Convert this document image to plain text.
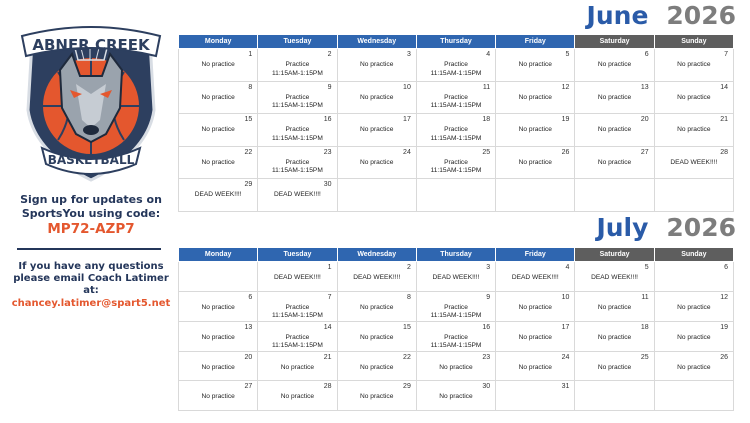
ABNER CREEK
BASKETBALL
Sign up for updates on SportsYou using code:
MP72-AZP7
If you have any questions please email Coach Latimer at:
chancey.latimer@spart5.net
June 2026
Monday	Tuesday	Wednesday	Thursday	Friday	Saturday	Sunday

1
No practice	2
Practice
11:15AM-1:15PM	3
No practice	4
Practice
11:15AM-1:15PM	5
No practice	6
No practice	7
No practice

8
No practice	9
Practice
11:15AM-1:15PM	10
No practice	11
Practice
11:15AM-1:15PM	12
No practice	13
No practice	14
No practice

15
No practice	16
Practice
11:15AM-1:15PM	17
No practice	18
Practice
11:15AM-1:15PM	19
No practice	20
No practice	21
No practice

22
No practice	23
Practice
11:15AM-1:15PM	24
No practice	25
Practice
11:15AM-1:15PM	26
No practice	27
No practice	28
DEAD WEEK!!!!

29
DEAD WEEK!!!!	30
DEAD WEEK!!!!					

July 2026
Monday	Tuesday	Wednesday	Thursday	Friday	Saturday	Sunday

	1
DEAD WEEK!!!!	2
DEAD WEEK!!!!	3
DEAD WEEK!!!!	4
DEAD WEEK!!!!	5
DEAD WEEK!!!!	6

6
No practice	7
Practice
11:15AM-1:15PM	8
No practice	9
Practice
11:15AM-1:15PM	10
No practice	11
No practice	12
No practice

13
No practice	14
Practice
11:15AM-1:15PM	15
No practice	16
Practice
11:15AM-1:15PM	17
No practice	18
No practice	19
No practice

20
No practice	21
No practice	22
No practice	23
No practice	24
No practice	25
No practice	26
No practice

27
No practice	28
No practice	29
No practice	30
No practice	31		
